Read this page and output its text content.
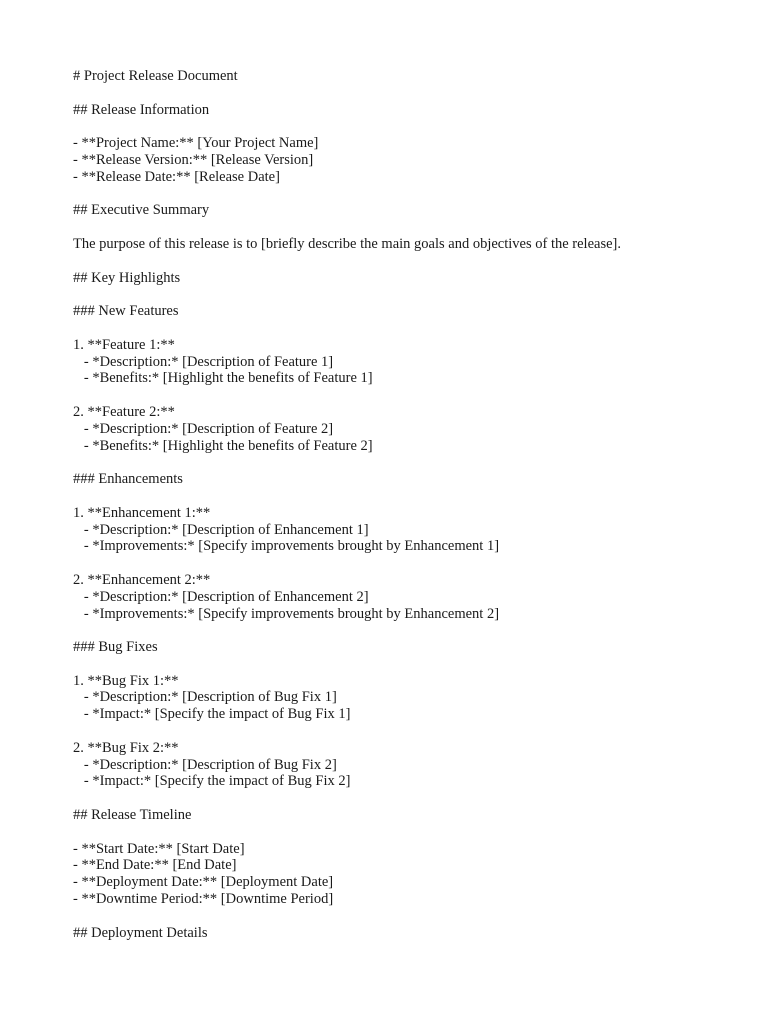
# Project Release Document
## Release Information
- **Project Name:** [Your Project Name]
- **Release Version:** [Release Version]
- **Release Date:** [Release Date]
## Executive Summary
The purpose of this release is to [briefly describe the main goals and objectives of the release].
## Key Highlights
### New Features
1. **Feature 1:**
- *Description:* [Description of Feature 1]
- *Benefits:* [Highlight the benefits of Feature 1]
2. **Feature 2:**
- *Description:* [Description of Feature 2]
- *Benefits:* [Highlight the benefits of Feature 2]
### Enhancements
1. **Enhancement 1:**
- *Description:* [Description of Enhancement 1]
- *Improvements:* [Specify improvements brought by Enhancement 1]
2. **Enhancement 2:**
- *Description:* [Description of Enhancement 2]
- *Improvements:* [Specify improvements brought by Enhancement 2]
### Bug Fixes
1. **Bug Fix 1:**
- *Description:* [Description of Bug Fix 1]
- *Impact:* [Specify the impact of Bug Fix 1]
2. **Bug Fix 2:**
- *Description:* [Description of Bug Fix 2]
- *Impact:* [Specify the impact of Bug Fix 2]
## Release Timeline
- **Start Date:** [Start Date]
- **End Date:** [End Date]
- **Deployment Date:** [Deployment Date]
- **Downtime Period:** [Downtime Period]
## Deployment Details
